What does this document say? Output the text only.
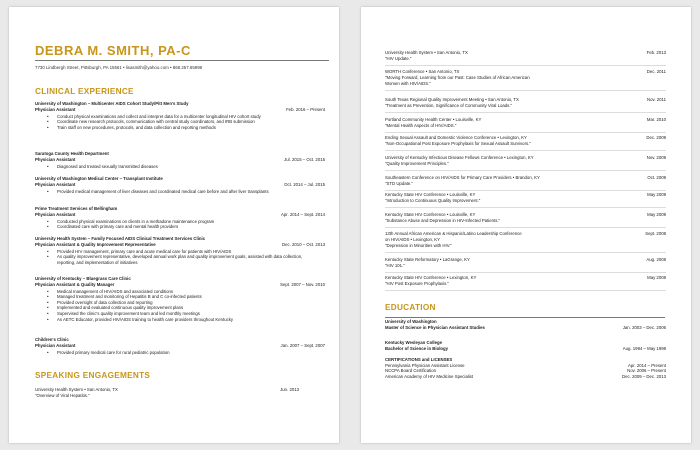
DEBRA M. SMITH, PA-C
7730 Lindbergh Street, Pittsburgh, PA 15561 • lisasmith@yahoo.com • 868.257.65998
CLINICAL EXPERIENCE
University of Washington – Multicenter AIDS Cohort Study/Pitt Men's Study
Physician Assistant	Feb. 2016 – Present
• Conduct physical examinations and collect and interpret data for a multicenter longitudinal HIV cohort study
• Coordinate new research protocols, communication with central study coordinators, and IRB submission
• Train staff on new procedures, protocols, and data collection and reporting methods
Saratoga County Health Department
Physician Assistant	Jul. 2015 – Oct. 2015
• Diagnosed and treated sexually transmitted diseases
University of Washington Medical Center – Transplant Institute
Physician Assistant	Oct. 2014 – Jul. 2015
• Provided medical management of liver diseases and coordinated medical care before and after liver transplants
Prime Treatment Services of Bellingham
Physician Assistant	Apr. 2014 – Sept. 2014
• Conducted physical examinations on clients in a methadone maintenance program
• Coordinated care with primary care and mental health providers
University Health System – Family Focused AIDS Clinical Treatment Services Clinic
Physician Assistant & Quality Improvement Representative	Dec. 2010 – Oct. 2013
• Provided HIV management, primary care and acute medical care for patients with HIV/AIDS
• As quality improvement representative, developed annual work plan and quality improvement goals, assisted with data collection, reporting, and implementation of initiatives
University of Kentucky – Bluegrass Care Clinic
Physician Assistant & Quality Manager	Sept. 2007 – Nov. 2010
• Medical management of HIV/AIDS and associated conditions
• Managed treatment and monitoring of Hepatitis B and C co-infected patients
• Provided oversight of data collection and reporting
• Implemented and evaluated continuous quality improvement plans
• Supervised the clinic's quality improvement team and led monthly meetings
• As AETC Educator, provided HIV/AIDS training to health care providers throughout Kentucky
Children's Clinic
Physician Assistant	Jan. 2007 – Sept. 2007
• Provided primary medical care for rural pediatric population
SPEAKING ENGAGEMENTS
University Health System • San Antonio, TX	Jun. 2013
"Overview of Viral Hepatitis."
University Health System • San Antonio, TX	Feb. 2013
"HIV Update."
WORTH Conference • San Antonio, TX	Dec. 2011
"Moving Forward, Learning from our Past: Case Studies of African American
Women with HIV/AIDS."
South Texas Regional Quality Improvement Meeting • San Antonio, TX	Nov. 2011
"Treatment as Prevention, Significance of Community Viral Loads."
Portland Community Health Center • Louisville, KY	Mar. 2010
"Mental Health Aspects of HIV/AIDS."
Ending Sexual Assault and Domestic Violence Conference • Lexington, KY	Dec. 2009
"Non-Occupational Post Exposure Prophylaxis for Sexual Assault Survivors."
University of Kentucky Infectious Disease Fellows Conference • Lexington, KY	Nov. 2009
"Quality Improvement Principles."
Southeastern Conference on HIV/AIDS for Primary Care Providers • Brandon, KY	Oct. 2009
"STD Update."
Kentucky State HIV Conference • Louisville, KY	May 2009
"Introduction to Continuous Quality Improvement."
Kentucky State HIV Conference • Louisville, KY	May 2009
"Substance Abuse and Depression in HIV-Infected Patients."
13th Annual African American & Hispanic/Latino Leadership Conference	Sept. 2008
on HIV/AIDS • Lexington, KY
"Depression in Minorities with HIV."
Kentucky State Reformatory • LaGrange, KY	Aug. 2008
"HIV 101."
Kentucky State HIV Conference • Lexington, KY	May 2008
"HIV Post Exposure Prophylaxis."
EDUCATION
University of Washington
Master of Science in Physician Assistant Studies	Jan. 2003 – Dec. 2006
Kentucky Wesleyan College
Bachelor of Science in Biology	Aug. 1994 – May 1998
CERTIFICATIONS and LICENSES
Pennsylvania Physician Assistant License	Apr. 2014 – Present
NCCPA Board Certification	Nov. 2006 – Present
American Academy of HIV Medicine Specialist	Dec. 2009 – Dec. 2013
